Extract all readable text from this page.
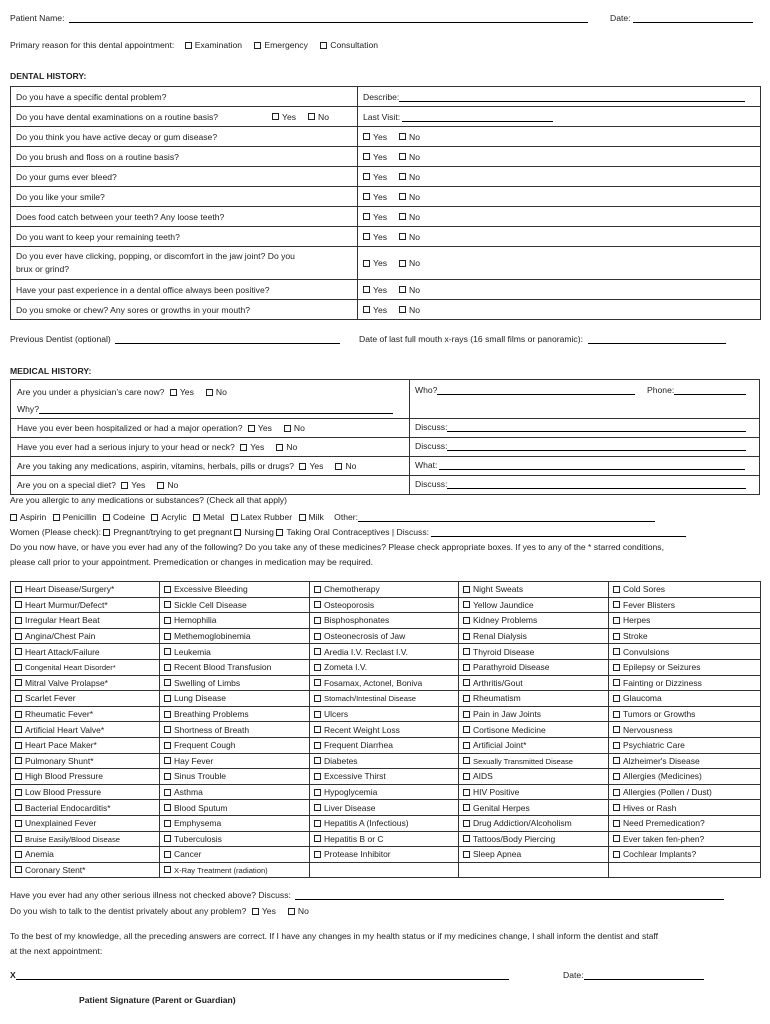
Patient Name:	Date:
Primary reason for this dental appointment: Examination	Emergency	Consultation
DENTAL HISTORY:
Do you have a specific dental problem?	Describe:
Do you have dental examinations on a routine basis? Yes No	Last Visit:
Do you think you have active decay or gum disease?	Yes No
Do you brush and floss on a routine basis?	Yes No
Do your gums ever bleed?	Yes No
Do you like your smile?	Yes No
Does food catch between your teeth? Any loose teeth?	Yes No
Do you want to keep your remaining teeth?	Yes No
Do you ever have clicking, popping, or discomfort in the jaw joint? Do you
brux or grind?	Yes No
Have your past experience in a dental office always been positive?	Yes No
Do you smoke or chew? Any sores or growths in your mouth?	Yes No
Previous Dentist (optional)	Date of last full mouth x-rays (16 small films or panoramic):
MEDICAL HISTORY:
Are you under a physician’s care now? Yes	No
Why?
Who?	Phone:
Have you ever been hospitalized or had a major operation? Yes	No	Discuss:
Have you ever had a serious injury to your head or neck? Yes	No	Discuss:
Are you taking any medications, aspirin, vitamins, herbals, pills or drugs? Yes	No	What:
Are you on a special diet? Yes	No	Discuss:
Are you allergic to any medications or substances? (Check all that apply)
Aspirin Penicillin Codeine Acrylic Metal Latex Rubber Milk Other:
Women (Please check): Pregnant/trying to get pregnant Nursing Taking Oral Contraceptives | Discuss:
Do you now have, or have you ever had any of the following? Do you take any of these medicines? Please check appropriate boxes. If yes to any of the * starred conditions,
please call prior to your appointment. Premedication or changes in medication may be required.
Heart Disease/Surgery*	Excessive Bleeding	Chemotherapy	Night Sweats	Cold Sores
Heart Murmur/Defect*	Sickle Cell Disease	Osteoporosis	Yellow Jaundice	Fever Blisters
Irregular Heart Beat	Hemophilia	Bisphosphonates	Kidney Problems	Herpes
Angina/Chest Pain	Methemoglobinemia	Osteonecrosis of Jaw	Renal Dialysis	Stroke
Heart Attack/Failure	Leukemia	Aredia I.V. Reclast I.V.	Thyroid Disease	Convulsions
Congenital Heart Disorder*	Recent Blood Transfusion	Zometa I.V.	Parathyroid Disease	Epilepsy or Seizures
Mitral Valve Prolapse*	Swelling of Limbs	Fosamax, Actonel, Boniva	Arthritis/Gout	Fainting or Dizziness
Scarlet Fever	Lung Disease	Stomach/Intestinal Disease	Rheumatism	Glaucoma
Rheumatic Fever*	Breathing Problems	Ulcers	Pain in Jaw Joints	Tumors or Growths
Artificial Heart Valve*	Shortness of Breath	Recent Weight Loss	Cortisone Medicine	Nervousness
Heart Pace Maker*	Frequent Cough	Frequent Diarrhea	Artificial Joint*	Psychiatric Care
Pulmonary Shunt*	Hay Fever	Diabetes	Sexually Transmitted Disease	Alzheimer's Disease
High Blood Pressure	Sinus Trouble	Excessive Thirst	AIDS	Allergies (Medicines)
Low Blood Pressure	Asthma	Hypoglycemia	HIV Positive	Allergies (Pollen / Dust)
Bacterial Endocarditis*	Blood Sputum	Liver Disease	Genital Herpes	Hives or Rash
Unexplained Fever	Emphysema	Hepatitis A (Infectious)	Drug Addiction/Alcoholism	Need Premedication?
Bruise Easily/Blood Disease	Tuberculosis	Hepatitis B or C	Tattoos/Body Piercing	Ever taken fen-phen?
Anemia	Cancer	Protease Inhibitor	Sleep Apnea	Cochlear Implants?
Coronary Stent*	X-Ray Treatment (radiation)			
Have you ever had any other serious illness not checked above? Discuss:
Do you wish to talk to the dentist privately about any problem? Yes	No
To the best of my knowledge, all the preceding answers are correct. If I have any changes in my health status or if my medicines change, I shall inform the dentist and staff
at the next appointment:
X	Date:
Patient Signature (Parent or Guardian)
